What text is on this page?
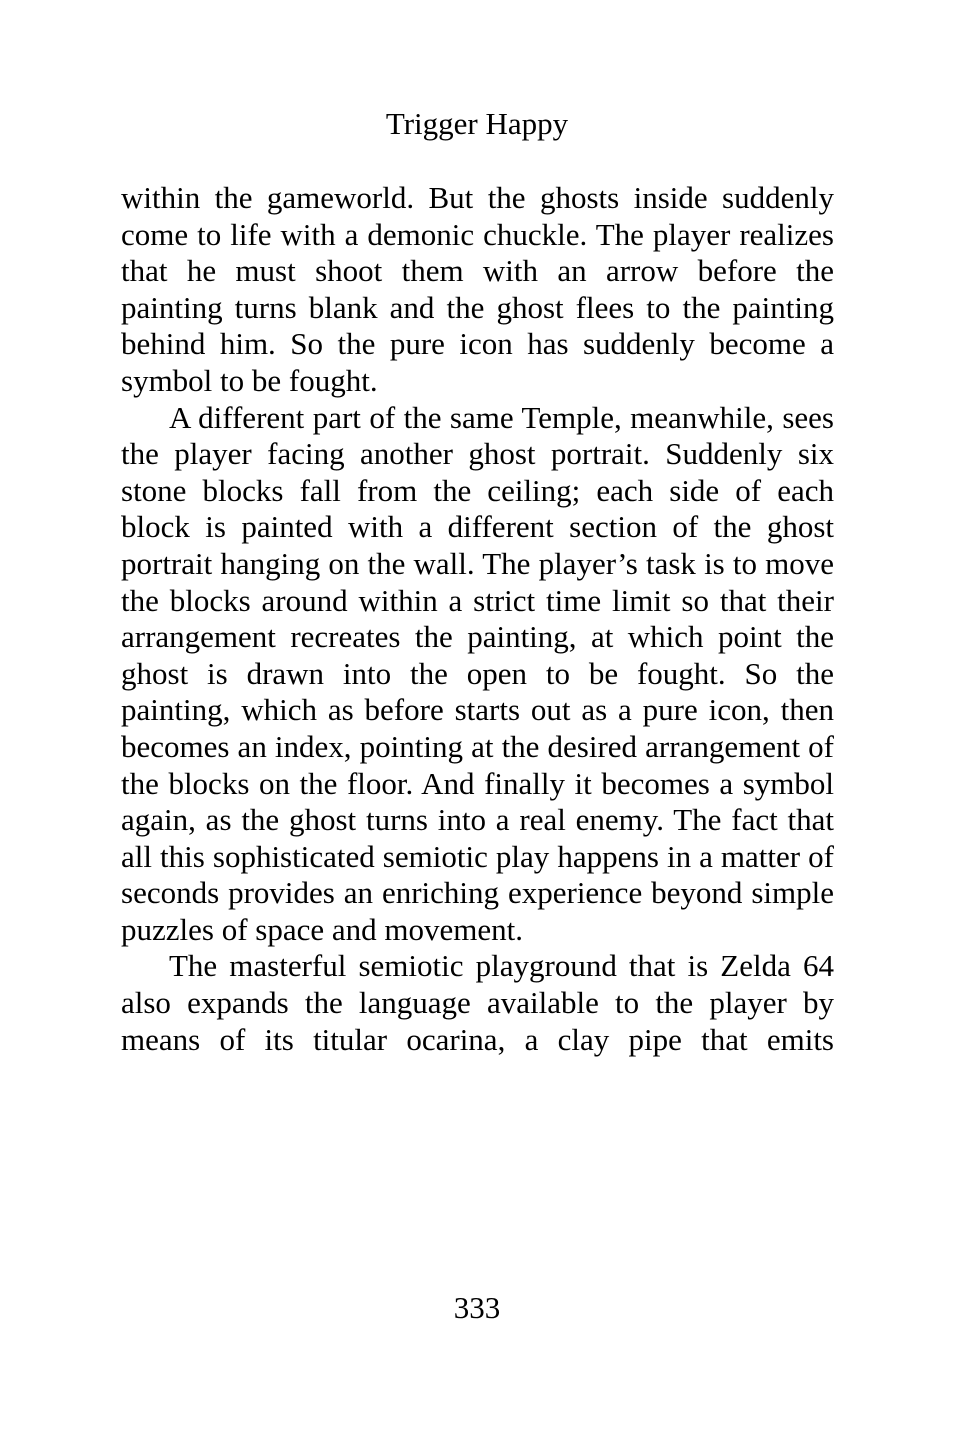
Trigger Happy

within the gameworld. But the ghosts inside suddenly come to life with a demonic chuckle. The player realizes that he must shoot them with an arrow before the painting turns blank and the ghost flees to the painting behind him. So the pure icon has suddenly become a symbol to be fought.

A different part of the same Temple, meanwhile, sees the player facing another ghost portrait. Suddenly six stone blocks fall from the ceiling; each side of each block is painted with a different section of the ghost portrait hanging on the wall. The player’s task is to move the blocks around within a strict time limit so that their arrangement recreates the painting, at which point the ghost is drawn into the open to be fought. So the painting, which as before starts out as a pure icon, then becomes an index, pointing at the desired arrangement of the blocks on the floor. And finally it becomes a symbol again, as the ghost turns into a real enemy. The fact that all this sophisticated semiotic play happens in a matter of seconds provides an enriching experience beyond simple puzzles of space and movement.

The masterful semiotic playground that is Zelda 64 also expands the language available to the player by means of its titular ocarina, a clay pipe that emits

333
